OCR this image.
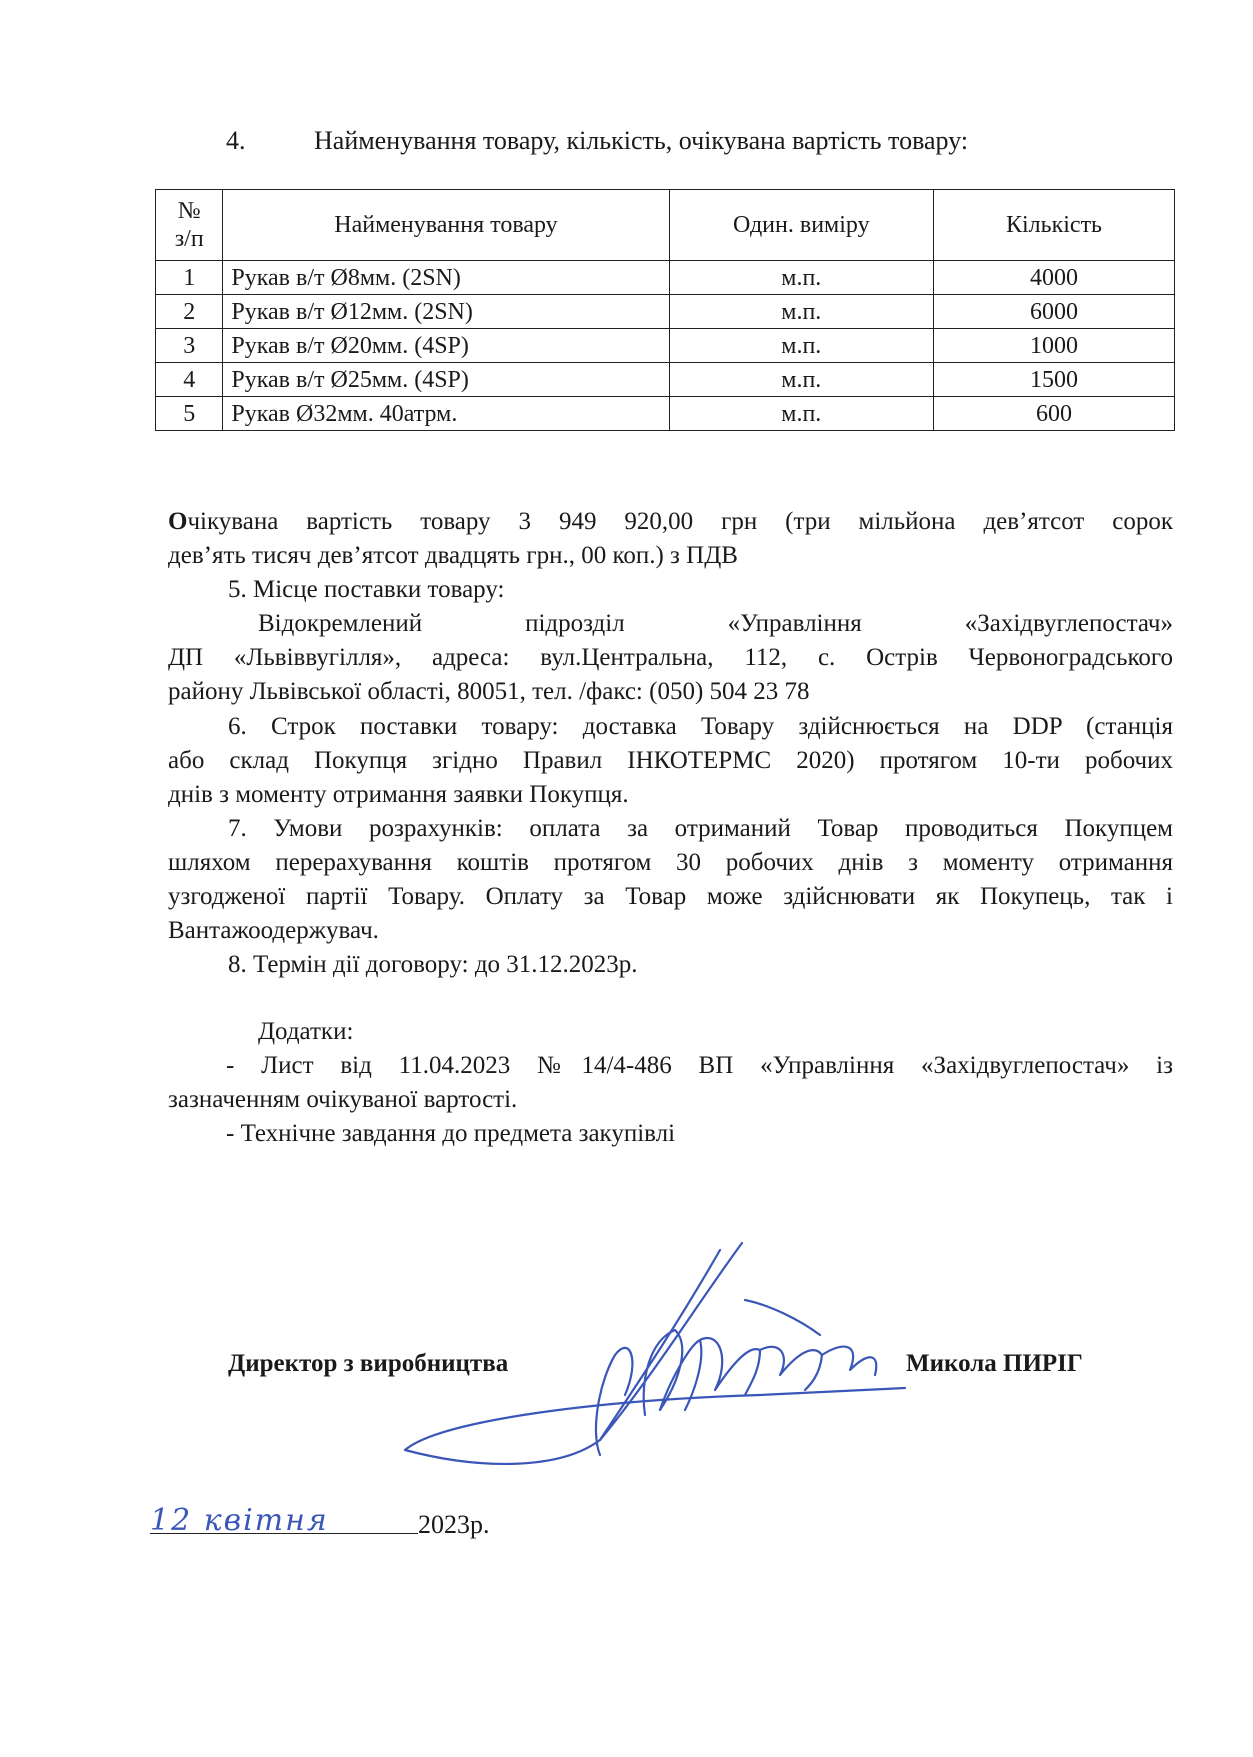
4.	Найменування товару, кількість, очікувана вартість товару:
№
з/п	Найменування товару	Один. виміру	Кількість
1	Рукав в/т Ø8мм. (2SN)	м.п.	4000
2	Рукав в/т Ø12мм. (2SN)	м.п.	6000
3	Рукав в/т Ø20мм. (4SP)	м.п.	1000
4	Рукав в/т Ø25мм. (4SP)	м.п.	1500
5	Рукав Ø32мм. 40атрм.	м.п.	600
Очікувана вартість товару 3 949 920,00 грн (три мільйона дев’ятсот сорок
дев’ять тисяч дев’ятсот двадцять грн., 00 коп.) з ПДВ
5. Місце поставки товару:
Відокремлений підрозділ «Управління «Західвуглепостач»
ДП «Львіввугілля», адреса: вул.Центральна, 112, с. Острів Червоноградського
району Львівської області, 80051, тел. /факс: (050) 504 23 78
6. Строк поставки товару: доставка Товару здійснюється на DDP (станція
або склад Покупця згідно Правил ІНКОТЕРМС 2020) протягом 10-ти робочих
днів з моменту отримання заявки Покупця.
7. Умови розрахунків: оплата за отриманий Товар проводиться Покупцем
шляхом перерахування коштів протягом 30 робочих днів з моменту отримання
узгодженої партії Товару. Оплату за Товар може здійснювати як Покупець, так і
Вантажоодержувач.
8. Термін дії договору: до 31.12.2023р.
Додатки:
- Лист від 11.04.2023 №14/4-486 ВП «Управління «Західвуглепостач» із
зазначенням очікуваної вартості.
- Технічне завдання до предмета закупівлі
Директор з виробництва	Микола ПИРІГ
12 квітня	2023р.
